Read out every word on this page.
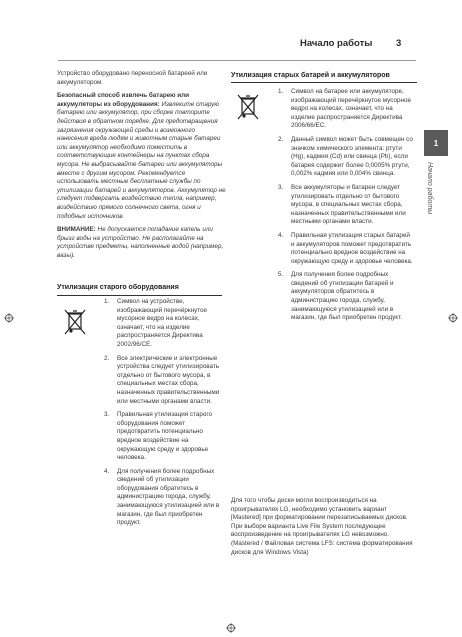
Начало работы 3
1
Начало работы

Устройство оборудовано переносной батареей или аккумулятором.

Безопасный способ извлечь батарею или аккумуляторы из оборудования: Извлеките старую батарею или аккумулятор, при сборке повторите действия в обратном порядке. Для предотвращения загрязнения окружающей среды и возможного нанесения вреда людям и животным старые батареи или аккумулятор необходимо поместить в соответствующие контейнеры на пунктах сбора мусора. Не выбрасывайте батареи или аккумуляторы вместе с другим мусором. Рекомендуется использовать местные бесплатные службы по утилизации батарей и аккумуляторов. Аккумулятор не следует подвергать воздействию тепла, например, воздействию прямого солнечного света, огня и подобных источников.

ВНИМАНИЕ: Не допускается попадание капель или брызг воды на устройство. Не располагайте на устройстве предметы, наполненные водой (например, вазы).

Утилизация старого оборудования
1. Символ на устройстве, изображающий перечёркнутое мусорное ведро на колесах, означает, что на изделие распространяется Директива 2002/96/CE.
2. Все электрические и электронные устройства следует утилизировать отдельно от бытового мусора, в специальных местах сбора, назначенных правительственными или местными органами власти.
3. Правильная утилизация старого оборудования поможет предотвратить потенциально вредное воздействие на окружающую среду и здоровье человека.
4. Для получения более подробных сведений об утилизации оборудования обратитесь в администрацию города, службу, занимающуюся утилизацией или в магазин, где был приобретен продукт.
Утилизация старых батарей и аккумуляторов
1. Символ на батарее или аккумуляторе, изображающий перечёркнутое мусорное ведро на колесах, означает, что на изделие распространяется Директива 2006/66/EC.
2. Данный символ может быть совмещен со значком химического элемента: ртути (Hg), кадмия (Cd) или свинца (Pb), если батарея содержит более 0,0005% ртути, 0,002% кадмия или 0,004% свинца.
3. Все аккумуляторы и батареи следует утилизировать отдельно от бытового мусора, в специальных местах сбора, назначенных правительственными или местными органами власти.
4. Правильная утилизация старых батарей и аккумуляторов поможет предотвратить потенциально вредное воздействие на окружающую среду и здоровье человека.
5. Для получения более подробных сведений об утилизации батарей и аккумуляторов обратитесь в администрацию города, службу, занимающуюся утилизацией или в магазин, где был приобретен продукт.
Для того чтобы диски могли воспроизводиться на проигрывателях LG, необходимо установить вариант [Mastered] при форматировании перезаписываемых дисков. При выборе варианта Live File System последующее воспроизведение на проигрывателях LG невозможно. (Mastered / Файловая система LFS: система форматирования дисков для Windows Vista)
